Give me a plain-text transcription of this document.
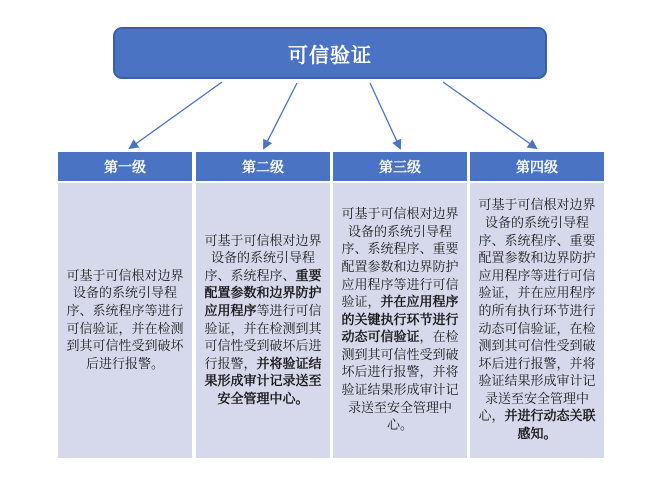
可信验证
第一级
可基于可信根对边界设备的系统引导程序、系统程序等进行可信验证，并在检测到其可信性受到破坏后进行报警。
第二级
可基于可信根对边界设备的系统引导程序、系统程序、重要配置参数和边界防护应用程序等进行可信验证，并在检测到其可信性受到破坏后进行报警，并将验证结果形成审计记录送至安全管理中心。
第三级
可基于可信根对边界设备的系统引导程序、系统程序、重要配置参数和边界防护应用程序等进行可信验证，并在应用程序的关键执行环节进行动态可信验证，在检测到其可信性受到破坏后进行报警，并将验证结果形成审计记录送至安全管理中心。
第四级
可基于可信根对边界设备的系统引导程序、系统程序、重要配置参数和边界防护应用程序等进行可信验证，并在应用程序的所有执行环节进行动态可信验证，在检测到其可信性受到破坏后进行报警，并将验证结果形成审计记录送至安全管理中心，并进行动态关联感知。
